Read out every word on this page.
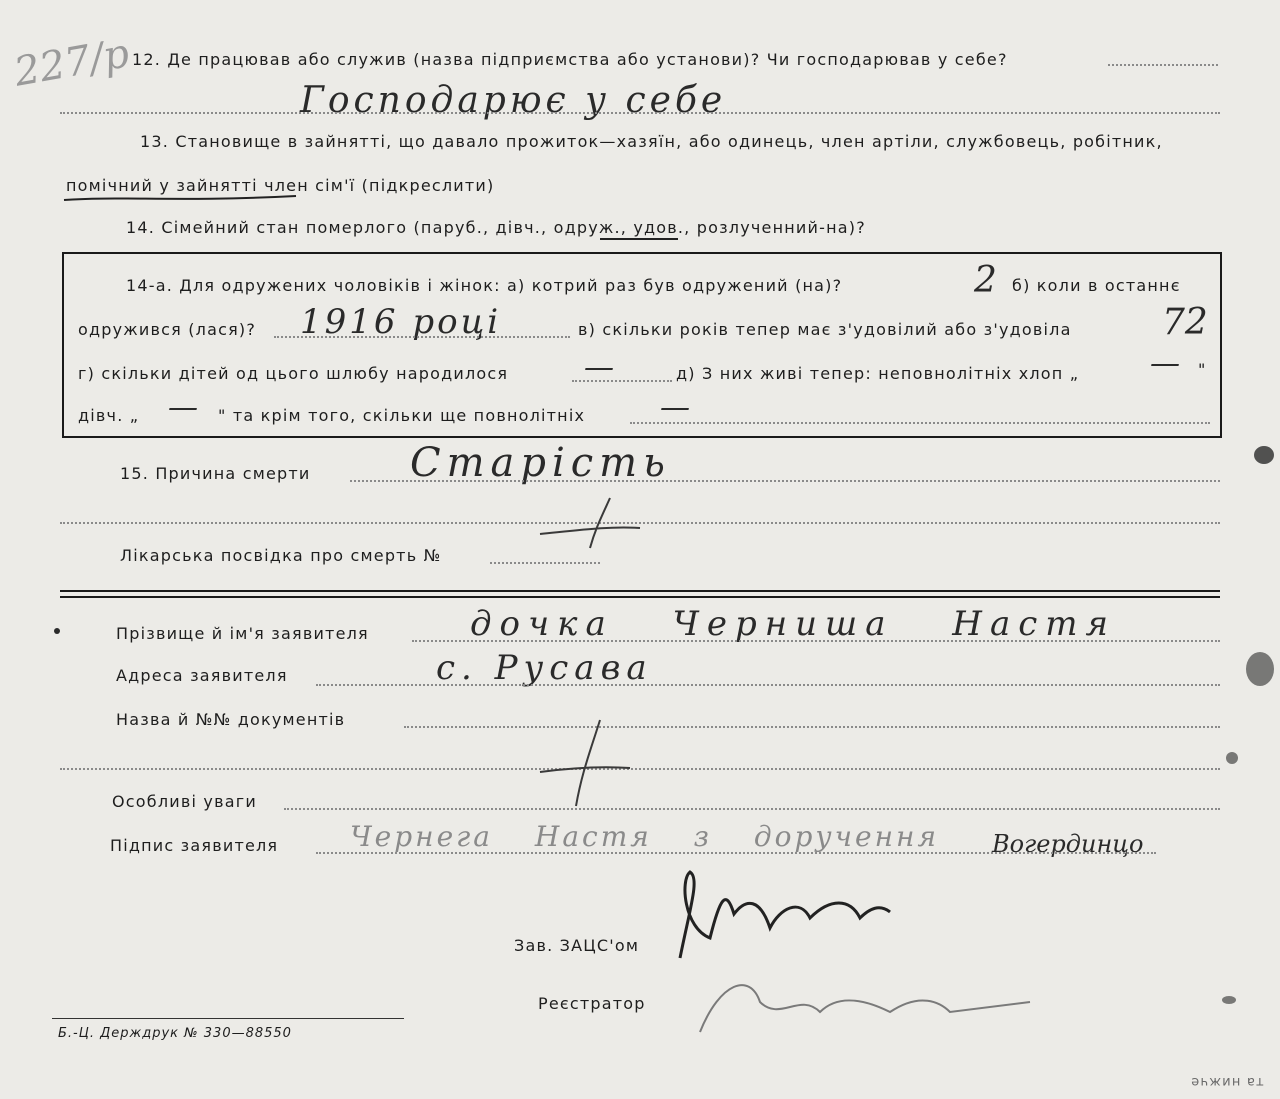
227/р 12. Де працював або служив (назва підприємства або установи)? Чи господарював у себе?
Господарює у себе
13. Становище в зайнятті, що давало прожиток—хазяїн, або одинець, член артіли, службовець, робітник,
помічний у зайнятті член сім'ї (підкреслити)
14. Сімейний стан померлого (паруб., дівч., одруж., удов., розлученний-на)?
14-а. Для одружених чоловіків і жінок: а) котрий раз був одружений (на)?	2 б) коли в останнє
одружився (лася)? 1916 році	в) скільки років тепер має з'удовілий або з'удовіла	72
г) скільки дітей од цього шлюбу народилося	—	д) З них живі тепер: неповнолітніх хлоп „ — "
дівч. „ — " та крім того, скільки ще повнолітніх —
15. Причина смерти Старість
Лікарська посвідка про смерть №
Прізвище й ім'я заявителя	дочка Черниша Настя
Адреса заявителя	с. Русава
Назва й №№ документів
Особливі уваги
Підпис заявителя	Чернега Настя з доручення Вогердинцо
Зав. ЗАЦС'ом
Реєстратор
Б.-Ц. Держдрук № 330—88550
та нижче
